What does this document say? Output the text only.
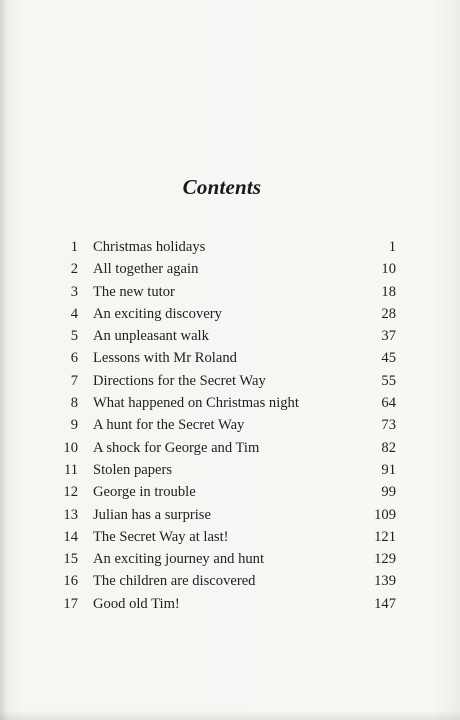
Contents
1 Christmas holidays	1
2 All together again	10
3 The new tutor	18
4 An exciting discovery	28
5 An unpleasant walk	37
6 Lessons with Mr Roland	45
7 Directions for the Secret Way	55
8 What happened on Christmas night	64
9 A hunt for the Secret Way	73
10 A shock for George and Tim	82
11 Stolen papers	91
12 George in trouble	99
13 Julian has a surprise	109
14 The Secret Way at last!	121
15 An exciting journey and hunt	129
16 The children are discovered	139
17 Good old Tim!	147
